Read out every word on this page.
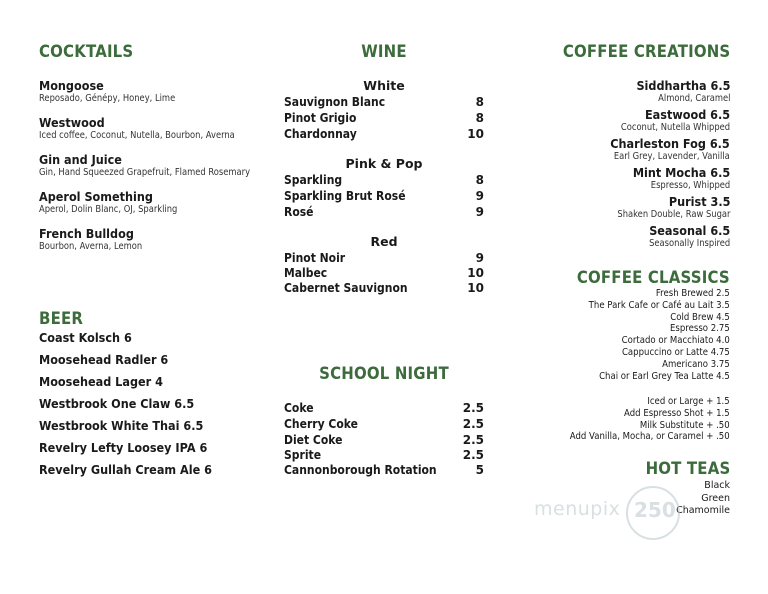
COCKTAILS
Mongoose
Reposado, Génépy, Honey, Lime
Westwood
Iced coffee, Coconut, Nutella, Bourbon, Averna
Gin and Juice
Gin, Hand Squeezed Grapefruit, Flamed Rosemary
Aperol Something
Aperol, Dolin Blanc, OJ, Sparkling
French Bulldog
Bourbon, Averna, Lemon
BEER
Coast Kolsch 6
Moosehead Radler 6
Moosehead Lager 4
Westbrook One Claw 6.5
Westbrook White Thai 6.5
Revelry Lefty Loosey IPA 6
Revelry Gullah Cream Ale 6
WINE
White
Sauvignon Blanc	8
Pinot Grigio	8
Chardonnay	10
Pink & Pop
Sparkling	8
Sparkling Brut Rosé	9
Rosé	9
Red
Pinot Noir	9
Malbec	10
Cabernet Sauvignon	10
SCHOOL NIGHT
Coke	2.5
Cherry Coke	2.5
Diet Coke	2.5
Sprite	2.5
Cannonborough Rotation	5
COFFEE CREATIONS
Siddhartha 6.5
Almond, Caramel
Eastwood 6.5
Coconut, Nutella Whipped
Charleston Fog 6.5
Earl Grey, Lavender, Vanilla
Mint Mocha 6.5
Espresso, Whipped
Purist 3.5
Shaken Double, Raw Sugar
Seasonal 6.5
Seasonally Inspired
COFFEE CLASSICS
Fresh Brewed 2.5
The Park Cafe or Café au Lait 3.5
Cold Brew 4.5
Espresso 2.75
Cortado or Macchiato 4.0
Cappuccino or Latte 4.75
Americano 3.75
Chai or Earl Grey Tea Latte 4.5
Iced or Large + 1.5
Add Espresso Shot + 1.5
Milk Substitute + .50
Add Vanilla, Mocha, or Caramel + .50
HOT TEAS
Black
Green
Chamomile
menupix 250
